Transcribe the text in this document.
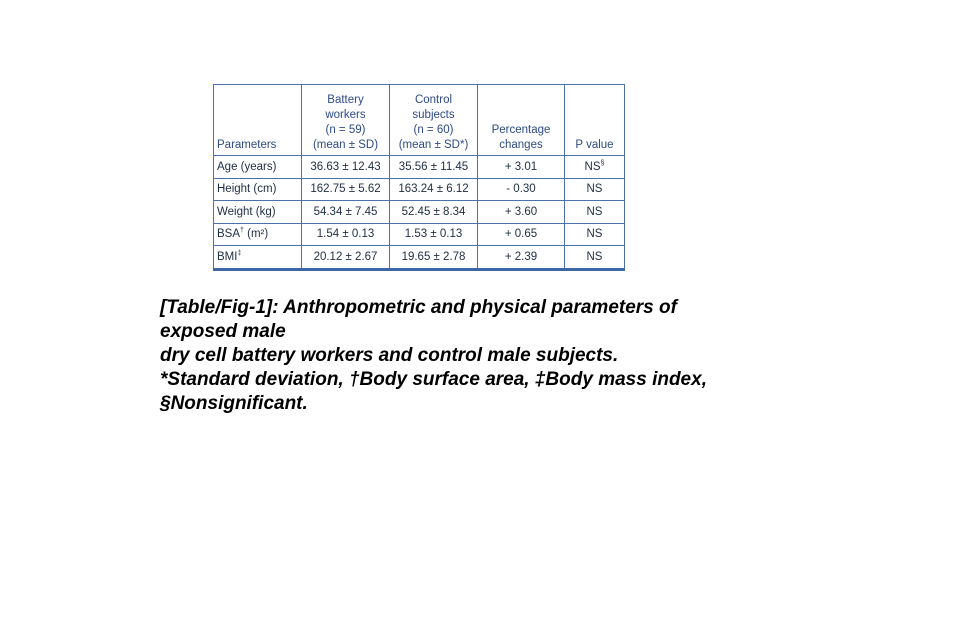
Parameters	Battery
workers
(n = 59)
(mean ± SD)	Control
subjects
(n = 60)
(mean ± SD*)	Percentage
changes	P value

Age (years)	36.63 ± 12.43	35.56 ± 11.45	+ 3.01	NS§
Height (cm)	162.75 ± 5.62	163.24 ± 6.12	- 0.30	NS
Weight (kg)	54.34 ± 7.45	52.45 ± 8.34	+ 3.60	NS
BSA† (m²)	1.54 ± 0.13	1.53 ± 0.13	+ 0.65	NS
BMI‡	20.12 ± 2.67	19.65 ± 2.78	+ 2.39	NS
[Table/Fig-1]: Anthropometric and physical parameters of
exposed male
dry cell battery workers and control male subjects.
*Standard deviation, †Body surface area, ‡Body mass index,
§Nonsignificant.
